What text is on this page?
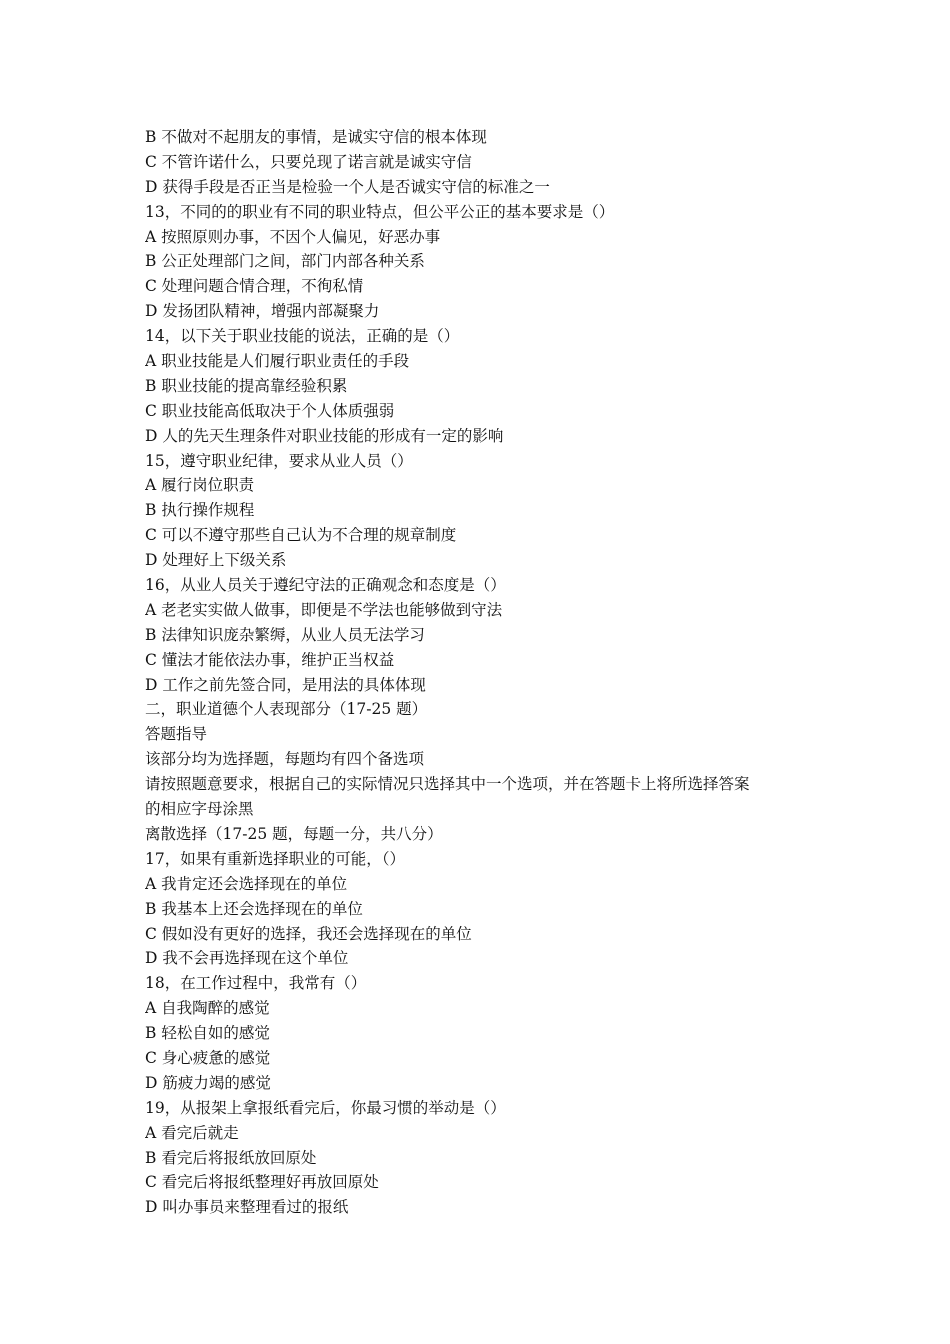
B 不做对不起朋友的事情，是诚实守信的根本体现
C 不管许诺什么，只要兑现了诺言就是诚实守信
D 获得手段是否正当是检验一个人是否诚实守信的标准之一
13，不同的的职业有不同的职业特点，但公平公正的基本要求是（）
A 按照原则办事，不因个人偏见，好恶办事
B 公正处理部门之间，部门内部各种关系
C 处理问题合情合理，不徇私情
D 发扬团队精神，增强内部凝聚力
14，以下关于职业技能的说法，正确的是（）
A 职业技能是人们履行职业责任的手段
B 职业技能的提高靠经验积累
C 职业技能高低取决于个人体质强弱
D 人的先天生理条件对职业技能的形成有一定的影响
15，遵守职业纪律，要求从业人员（）
A 履行岗位职责
B 执行操作规程
C 可以不遵守那些自己认为不合理的规章制度
D 处理好上下级关系
16，从业人员关于遵纪守法的正确观念和态度是（）
A 老老实实做人做事，即便是不学法也能够做到守法
B 法律知识庞杂繁缛，从业人员无法学习
C 懂法才能依法办事，维护正当权益
D 工作之前先签合同，是用法的具体体现
二，职业道德个人表现部分（17-25 题）
答题指导
该部分均为选择题，每题均有四个备选项
请按照题意要求，根据自己的实际情况只选择其中一个选项，并在答题卡上将所选择答案
的相应字母涂黑
离散选择（17-25 题，每题一分，共八分）
17，如果有重新选择职业的可能，（）
A 我肯定还会选择现在的单位
B 我基本上还会选择现在的单位
C 假如没有更好的选择，我还会选择现在的单位
D 我不会再选择现在这个单位
18，在工作过程中，我常有（）
A 自我陶醉的感觉
B 轻松自如的感觉
C 身心疲惫的感觉
D 筋疲力竭的感觉
19，从报架上拿报纸看完后，你最习惯的举动是（）
A 看完后就走
B 看完后将报纸放回原处
C 看完后将报纸整理好再放回原处
D 叫办事员来整理看过的报纸
